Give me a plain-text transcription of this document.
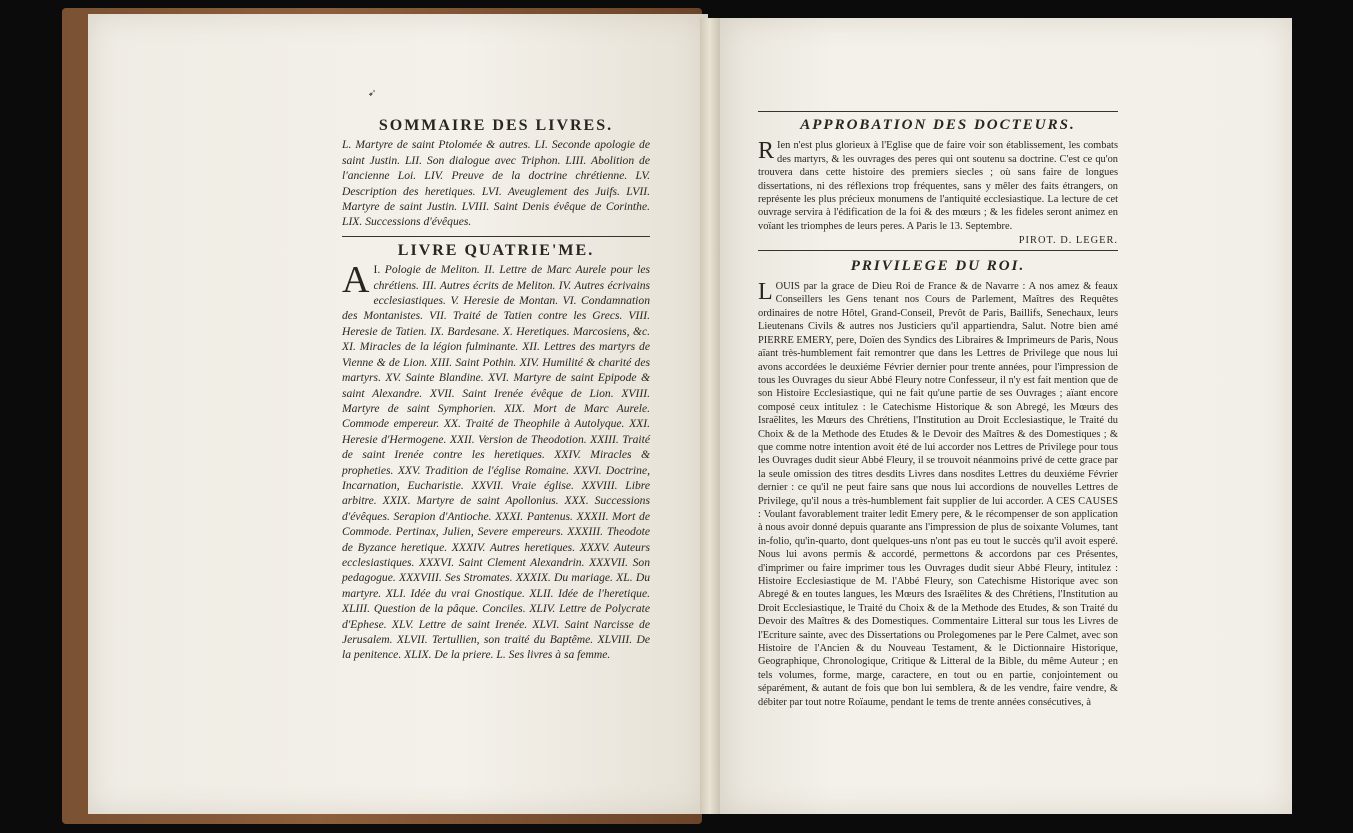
➹
SOMMAIRE DES LIVRES.

L. Martyre de saint Ptolomée & autres. LI. Seconde apologie de saint Justin. LII. Son dialogue avec Triphon. LIII. Abolition de l'ancienne Loi. LIV. Preuve de la doctrine chrétienne. LV. Description des heretiques. LVI. Aveuglement des Juifs. LVII. Martyre de saint Justin. LVIII. Saint Denis évêque de Corinthe. LIX. Successions d'évêques.

LIVRE QUATRIE'ME.

I.
A Pologie de Meliton. II. Lettre de Marc Aurele pour les chrétiens. III. Autres écrits de Meliton. IV. Autres écrivains ecclesiastiques. V. Heresie de Montan. VI. Condamnation des Montanistes. VII. Traité de Tatien contre les Grecs. VIII. Heresie de Tatien. IX. Bardesane. X. Heretiques. Marcosiens, &c. XI. Miracles de la légion fulminante. XII. Lettres des martyrs de Vienne & de Lion. XIII. Saint Pothin. XIV. Humilité & charité des martyrs. XV. Sainte Blandine. XVI. Martyre de saint Epipode & saint Alexandre. XVII. Saint Irenée évêque de Lion. XVIII. Martyre de saint Symphorien. XIX. Mort de Marc Aurele. Commode empereur. XX. Traité de Theophile à Autolyque. XXI. Heresie d'Hermogene. XXII. Version de Theodotion. XXIII. Traité de saint Irenée contre les heretiques. XXIV. Miracles & propheties. XXV. Tradition de l'église Romaine. XXVI. Doctrine, Incarnation, Eucharistie. XXVII. Vraie église. XXVIII. Libre arbitre. XXIX. Martyre de saint Apollonius. XXX. Successions d'évêques. Serapion d'Antioche. XXXI. Pantenus. XXXII. Mort de Commode. Pertinax, Julien, Severe empereurs. XXXIII. Theodote de Byzance heretique. XXXIV. Autres heretiques. XXXV. Auteurs ecclesiastiques. XXXVI. Saint Clement Alexandrin. XXXVII. Son pedagogue. XXXVIII. Ses Stromates. XXXIX. Du mariage. XL. Du martyre. XLI. Idée du vrai Gnostique. XLII. Idée de l'heretique. XLIII. Question de la pâque. Conciles. XLIV. Lettre de Polycrate d'Ephese. XLV. Lettre de saint Irenée. XLVI. Saint Narcisse de Jerusalem. XLVII. Tertullien, son traité du Baptême. XLVIII. De la penitence. XLIX. De la priere. L. Ses livres à sa femme.

APPROBATION DES DOCTEURS.

R Ien n'est plus glorieux à l'Eglise que de faire voir son établissement, les combats des martyrs, & les ouvrages des peres qui ont soutenu sa doctrine. C'est ce qu'on trouvera dans cette histoire des premiers siecles ; où sans faire de longues dissertations, ni des réflexions trop fréquentes, sans y mêler des faits étrangers, on représente les plus précieux monumens de l'antiquité ecclesiastique. La lecture de cet ouvrage servira à l'édification de la foi & des mœurs ; & les fideles seront animez en voïant les triomphes de leurs peres. A Paris le 13. Septembre.

PIROT. D. LEGER.

PRIVILEGE DU ROI.

L OUIS par la grace de Dieu Roi de France & de Navarre : A nos amez & feaux Conseillers les Gens tenant nos Cours de Parlement, Maîtres des Requêtes ordinaires de notre Hôtel, Grand-Conseil, Prevôt de Paris, Baillifs, Senechaux, leurs Lieutenans Civils & autres nos Justiciers qu'il appartiendra, Salut. Notre bien amé PIERRE EMERY, pere, Doïen des Syndics des Libraires & Imprimeurs de Paris, Nous aïant très-humblement fait remontrer que dans les Lettres de Privilege que nous lui avons accordées le deuxiéme Février dernier pour trente années, pour l'impression de tous les Ouvrages du sieur Abbé Fleury notre Confesseur, il n'y est fait mention que de son Histoire Ecclesiastique, qui ne fait qu'une partie de ses Ouvrages ; aïant encore composé ceux intitulez : le Catechisme Historique & son Abregé, les Mœurs des Israëlites, les Mœurs des Chrétiens, l'Institution au Droit Ecclesiastique, le Traité du Choix & de la Methode des Etudes & le Devoir des Maîtres & des Domestiques ; & que comme notre intention avoit été de lui accorder nos Lettres de Privilege pour tous les Ouvrages dudit sieur Abbé Fleury, il se trouvoit néanmoins privé de cette grace par la seule omission des titres desdits Livres dans nosdites Lettres du deuxiéme Février dernier : ce qu'il ne peut faire sans que nous lui accordions de nouvelles Lettres de Privilege, qu'il nous a très-humblement fait supplier de lui accorder. A CES CAUSES : Voulant favorablement traiter ledit Emery pere, & le récompenser de son application à nous avoir donné depuis quarante ans l'impression de plus de soixante Volumes, tant in-folio, qu'in-quarto, dont quelques-uns n'ont pas eu tout le succès qu'il avoit esperé. Nous lui avons permis & accordé, permettons & accordons par ces Présentes, d'imprimer ou faire imprimer tous les Ouvrages dudit sieur Abbé Fleury, intitulez : Histoire Ecclesiastique de M. l'Abbé Fleury, son Catechisme Historique avec son Abregé & en toutes langues, les Mœurs des Israëlites & des Chrétiens, l'Institution au Droit Ecclesiastique, le Traité du Choix & de la Methode des Etudes, & son Traité du Devoir des Maîtres & des Domestiques. Commentaire Litteral sur tous les Livres de l'Ecriture sainte, avec des Dissertations ou Prolegomenes par le Pere Calmet, avec son Histoire de l'Ancien & du Nouveau Testament, & le Dictionnaire Historique, Geographique, Chronologique, Critique & Litteral de la Bible, du même Auteur ; en tels volumes, forme, marge, caractere, en tout ou en partie, conjointement ou séparément, & autant de fois que bon lui semblera, & de les vendre, faire vendre, & débiter par tout notre Roïaume, pendant le tems de trente années consécutives, à
